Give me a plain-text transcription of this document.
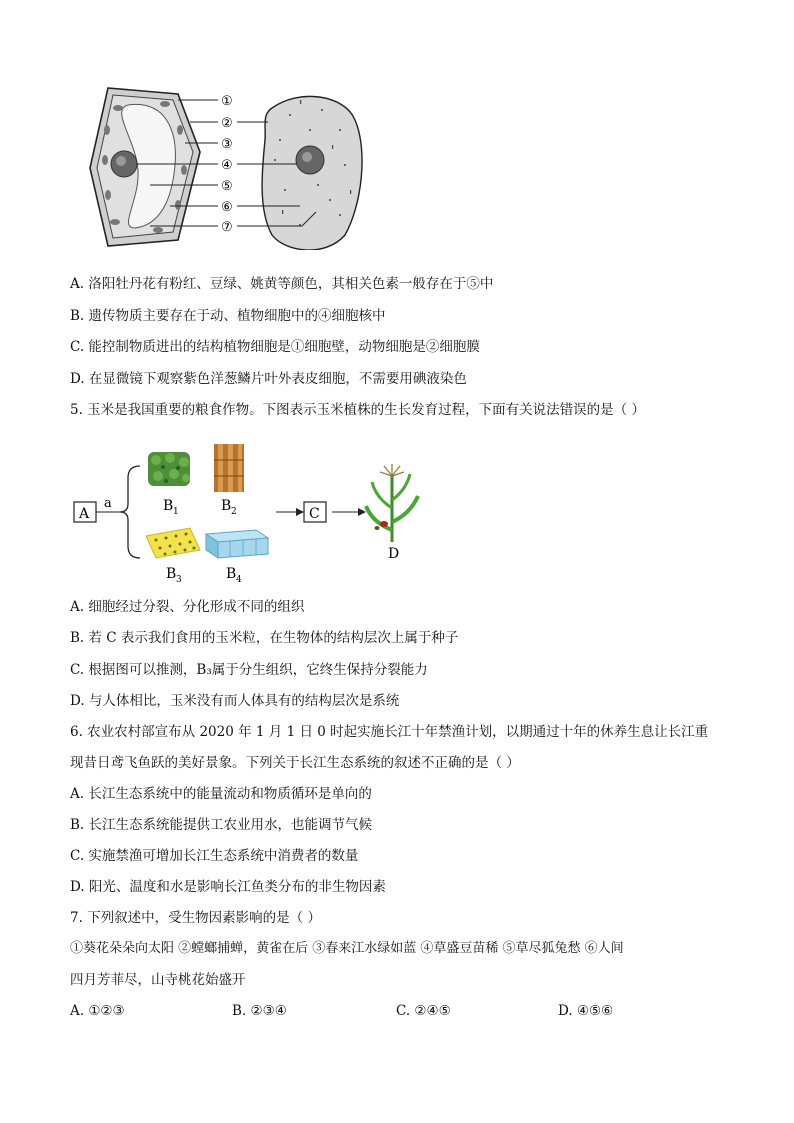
①
②
③
④
⑤
⑥
⑦
A. 洛阳牡丹花有粉红、豆绿、姚黄等颜色，其相关色素一般存在于⑤中
B. 遗传物质主要存在于动、植物细胞中的④细胞核中
C. 能控制物质进出的结构植物细胞是①细胞壁，动物细胞是②细胞膜
D. 在显微镜下观察紫色洋葱鳞片叶外表皮细胞，不需要用碘液染色
5. 玉米是我国重要的粮食作物。下图表示玉米植株的生长发育过程，下面有关说法错误的是（ ）
A
a	B 1	B 2
B 3	B 4
C
D
A. 细胞经过分裂、分化形成不同的组织
B. 若 C 表示我们食用的玉米粒，在生物体的结构层次上属于种子
C. 根据图可以推测，B₃属于分生组织，它终生保持分裂能力
D. 与人体相比，玉米没有而人体具有的结构层次是系统
6. 农业农村部宣布从 2020 年 1 月 1 日 0 时起实施长江十年禁渔计划，以期通过十年的休养生息让长江重
现昔日鸢飞鱼跃的美好景象。下列关于长江生态系统的叙述不正确的是（ ）
A. 长江生态系统中的能量流动和物质循环是单向的
B. 长江生态系统能提供工农业用水，也能调节气候
C. 实施禁渔可增加长江生态系统中消费者的数量
D. 阳光、温度和水是影响长江鱼类分布的非生物因素
7. 下列叙述中，受生物因素影响的是（ ）
①葵花朵朵向太阳 ②螳螂捕蝉，黄雀在后 ③春来江水绿如蓝 ④草盛豆苗稀 ⑤草尽狐兔愁 ⑥人间
四月芳菲尽，山寺桃花始盛开
A. ①②③	B. ②③④	C. ②④⑤	D. ④⑤⑥
